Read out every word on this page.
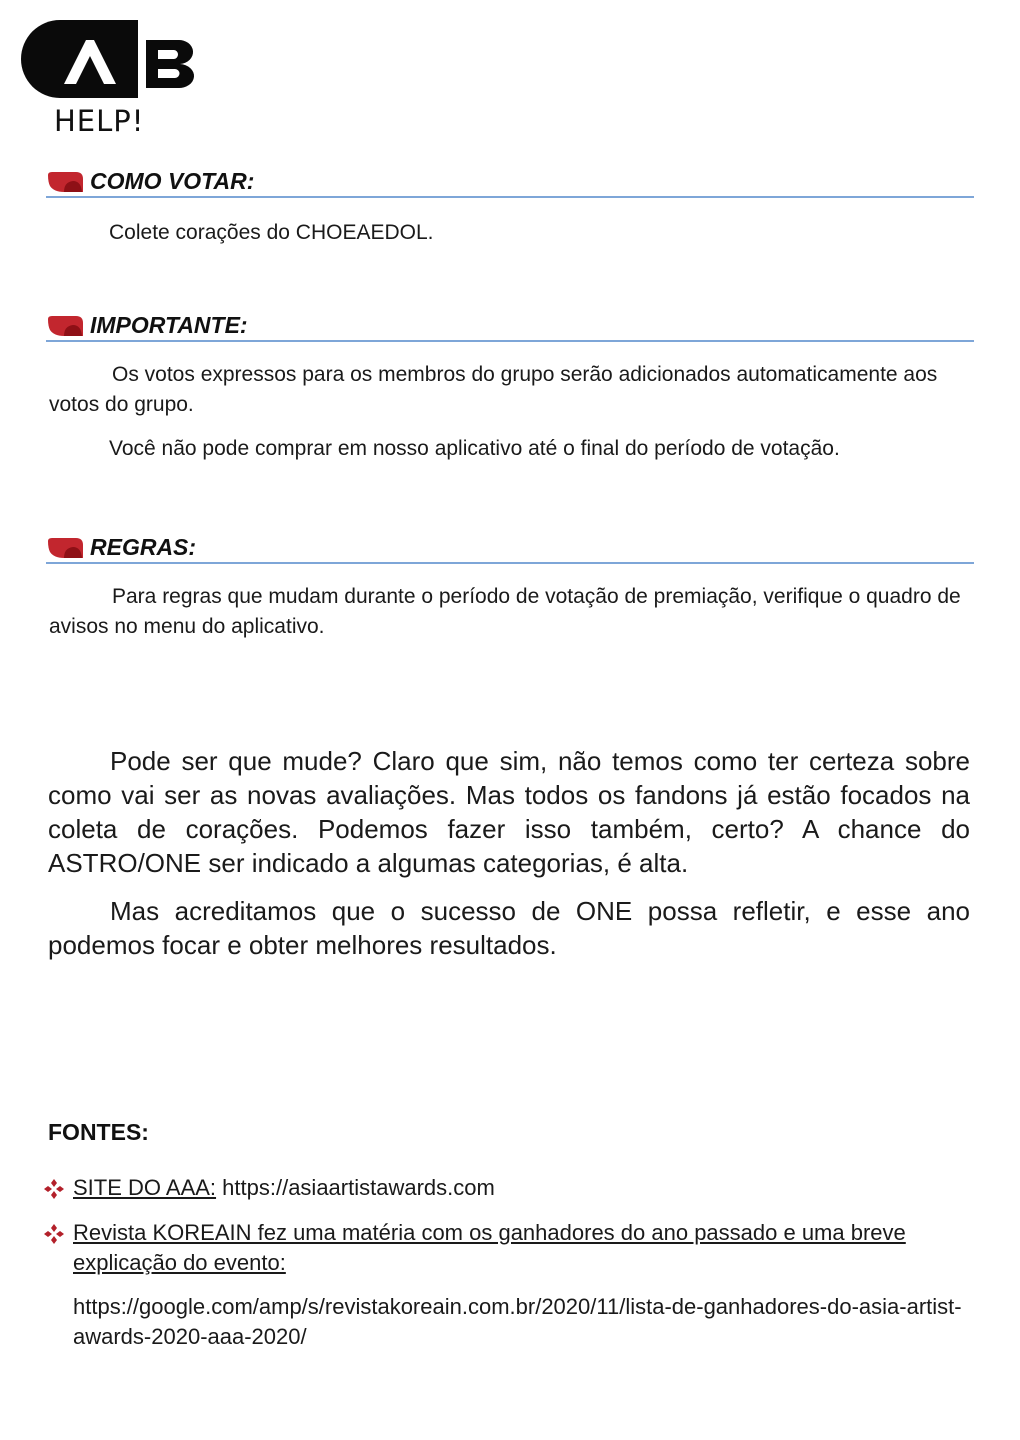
HELP!
COMO VOTAR:

Colete corações do CHOEAEDOL.

IMPORTANTE:

Os votos expressos para os membros do grupo serão adicionados automaticamente aos votos do grupo.

Você não pode comprar em nosso aplicativo até o final do período de votação.

REGRAS:

Para regras que mudam durante o período de votação de premiação, verifique o quadro de avisos no menu do aplicativo.

Pode ser que mude? Claro que sim, não temos como ter certeza sobre como vai ser as novas avaliações. Mas todos os fandons já estão focados na coleta de corações. Podemos fazer isso também, certo? A chance do ASTRO/ONE ser indicado a algumas categorias, é alta.

Mas acreditamos que o sucesso de ONE possa refletir, e esse ano podemos focar e obter melhores resultados.

FONTES:
SITE DO AAA: https://asiaartistawards.com
Revista KOREAIN fez uma matéria com os ganhadores do ano passado e uma breve explicação do evento:
https://google.com/amp/s/revistakoreain.com.br/2020/11/lista-de-ganhadores-do-asia-artist-awards-2020-aaa-2020/
